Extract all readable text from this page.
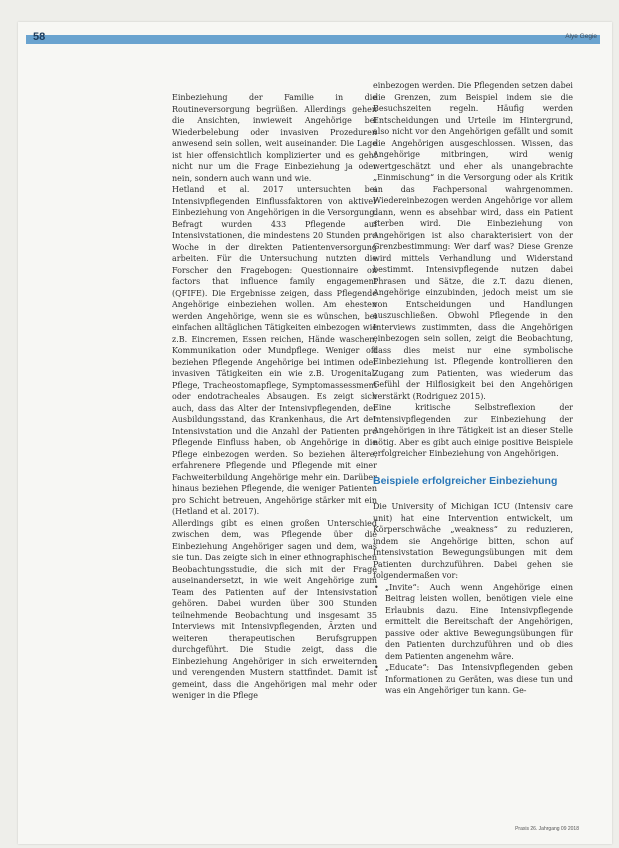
58	Alye Gegie

Einbeziehung der Familie in die Routineversorgung begrüßen. Allerdings gehen die Ansichten, inwieweit Angehörige bei Wiederbelebung oder invasiven Prozeduren anwesend sein sollen, weit auseinander. Die Lage ist hier offensichtlich komplizierter und es geht nicht nur um die Frage Einbeziehung ja oder nein, sondern auch wann und wie.

Hetland et al. 2017 untersuchten bei Intensivpflegenden Einflussfaktoren von aktiver Einbeziehung von Angehörigen in die Versorgung. Befragt wurden 433 Pflegende auf Intensivstationen, die mindestens 20 Stunden pro Woche in der direkten Patientenversorgung arbeiten. Für die Untersuchung nutzten die Forscher den Fragebogen: Questionnaire on factors that influence family engagement (QFIFE). Die Ergebnisse zeigen, dass Pflegende Angehörige einbeziehen wollen. Am ehesten werden Angehörige, wenn sie es wünschen, bei einfachen alltäglichen Tätigkeiten einbezogen wie z.B. Eincremen, Essen reichen, Hände waschen, Kommunikation oder Mundpflege. Weniger oft beziehen Pflegende Angehörige bei intimen oder invasiven Tätigkeiten ein wie z.B. Urogenital-Pflege, Tracheostomapflege, Symptomassessment oder endotracheales Absaugen. Es zeigt sich auch, dass das Alter der Intensivpflegenden, der Ausbildungsstand, das Krankenhaus, die Art der Intensivstation und die Anzahl der Patienten pro Pflegende Einfluss haben, ob Angehörige in die Pflege einbezogen werden. So beziehen ältere, erfahrenere Pflegende und Pflegende mit einer Fachweiterbildung Angehörige mehr ein. Darüber hinaus beziehen Pflegende, die weniger Patienten pro Schicht betreuen, Angehörige stärker mit ein (Hetland et al. 2017).

Allerdings gibt es einen großen Unterschied zwischen dem, was Pflegende über die Einbeziehung Angehöriger sagen und dem, was sie tun. Das zeigte sich in einer ethnographischen Beobachtungsstudie, die sich mit der Frage auseinandersetzt, in wie weit Angehörige zum Team des Patienten auf der Intensivstation gehören. Dabei wurden über 300 Stunden teilnehmende Beobachtung und insgesamt 35 Interviews mit Intensivpflegenden, Ärzten und weiteren therapeutischen Berufsgruppen durchgeführt. Die Studie zeigt, dass die Einbeziehung Angehöriger in sich erweiternden und verengenden Mustern stattfindet. Damit ist gemeint, dass die Angehörigen mal mehr oder weniger in die Pflege

einbezogen werden. Die Pflegenden setzen dabei die Grenzen, zum Beispiel indem sie die Besuchszeiten regeln. Häufig werden Entscheidungen und Urteile im Hintergrund, also nicht vor den Angehörigen gefällt und somit die Angehörigen ausgeschlossen. Wissen, das Angehörige mitbringen, wird wenig wertgeschätzt und eher als unangebrachte „Einmischung“ in die Versorgung oder als Kritik an das Fachpersonal wahrgenommen. Wiedereinbezogen werden Angehörige vor allem dann, wenn es absehbar wird, dass ein Patient sterben wird. Die Einbeziehung von Angehörigen ist also charakterisiert von der Grenzbestimmung: Wer darf was? Diese Grenze wird mittels Verhandlung und Widerstand bestimmt. Intensivpflegende nutzen dabei Phrasen und Sätze, die z.T. dazu dienen, Angehörige einzubinden, jedoch meist um sie von Entscheidungen und Handlungen auszuschließen. Obwohl Pflegende in den Interviews zustimmten, dass die Angehörigen einbezogen sein sollen, zeigt die Beobachtung, dass dies meist nur eine symbolische Einbeziehung ist. Pflegende kontrollieren den Zugang zum Patienten, was wiederum das Gefühl der Hilflosigkeit bei den Angehörigen verstärkt (Rodriguez 2015).

Eine kritische Selbstreflexion der Intensivpflegenden zur Einbeziehung der Angehörigen in ihre Tätigkeit ist an dieser Stelle nötig. Aber es gibt auch einige positive Beispiele erfolgreicher Einbeziehung von Angehörigen.

Beispiele erfolgreicher Einbeziehung

Die University of Michigan ICU (Intensiv care unit) hat eine Intervention entwickelt, um Körperschwäche „weakness“ zu reduzieren, indem sie Angehörige bitten, schon auf Intensivstation Bewegungsübungen mit dem Patienten durchzuführen. Dabei gehen sie folgendermaßen vor:

• „Invite“: Auch wenn Angehörige einen Beitrag leisten wollen, benötigen viele eine Erlaubnis dazu. Eine Intensivpflegende ermittelt die Bereitschaft der Angehörigen, passive oder aktive Bewegungsübungen für den Patienten durchzuführen und ob dies dem Patienten angenehm wäre.
• „Educate“: Das Intensivpflegenden geben Informationen zu Geräten, was diese tun und was ein Angehöriger tun kann. Ge-
Praxis 26. Jahrgang 09 2018
